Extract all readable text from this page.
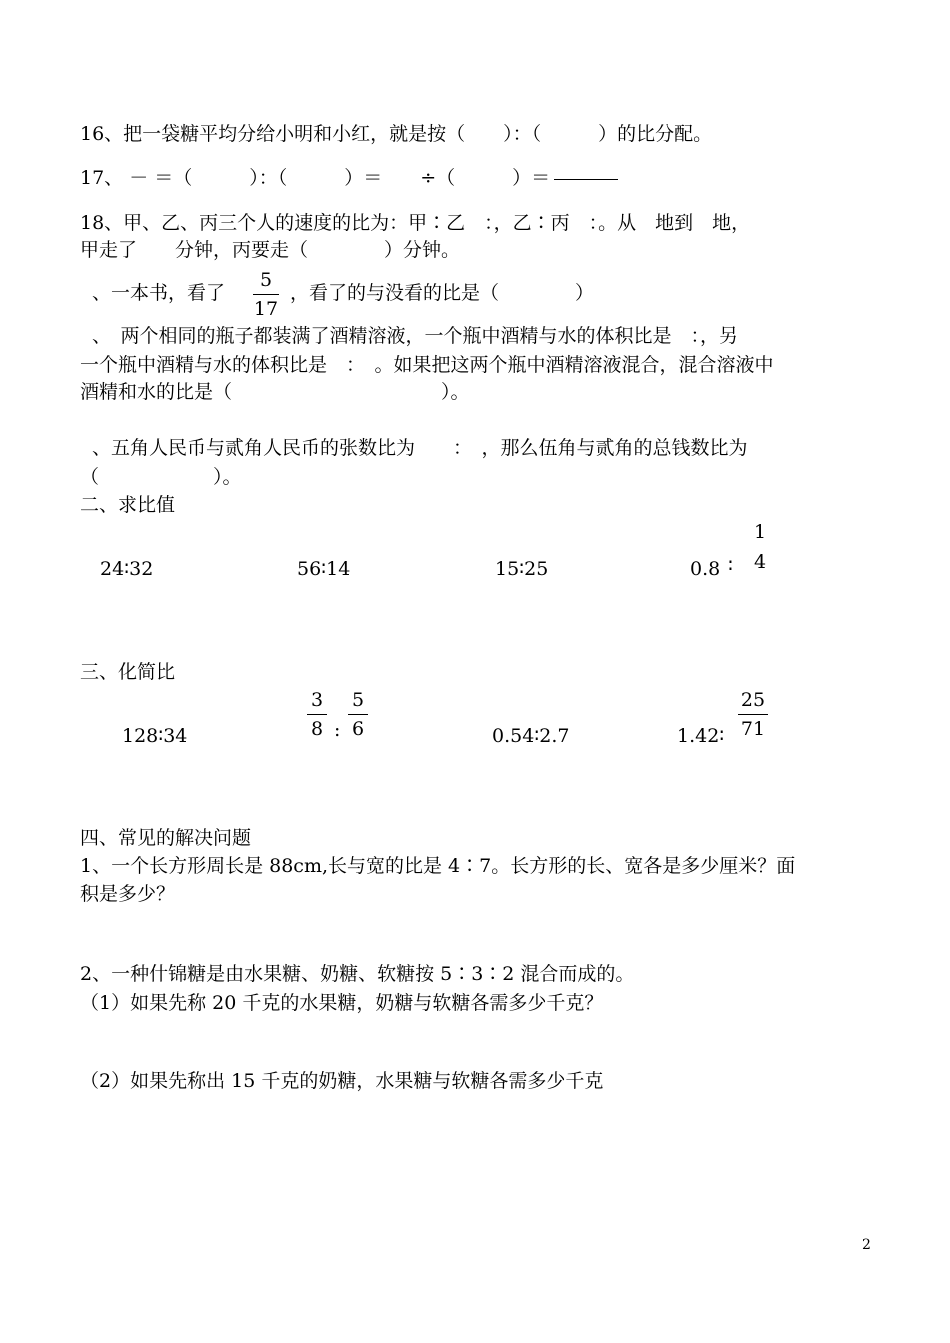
16、把一袋糖平均分给小明和小红，就是按（　　）：（　　　）的比分配。
17、 － ＝（　　　）：（　　　）＝　　÷（　　　）＝
18、甲、乙、丙三个人的速度的比为：甲∶乙　：，乙∶丙　：。从　地到　地，
甲走了　　分钟，丙要走（　　　　）分钟。
、一本书，看了
5
17
，看了的与没看的比是（　　　　）
、　两个相同的瓶子都装满了酒精溶液，一个瓶中酒精与水的体积比是　：，另
一个瓶中酒精与水的体积比是　：　。如果把这两个瓶中酒精溶液混合，混合溶液中
酒精和水的比是（　　　　　　　　　　　）。
、五角人民币与贰角人民币的张数比为　　：　，那么伍角与贰角的总钱数比为
（　　　　　　）。
二、求比值
24∶32	56∶14	15∶25	0.8 ∶
1
4
三、化简比
128∶34
3
8 :
5
6	0.54∶2.7	1.42∶
25
71
四、常见的解决问题
1、一个长方形周长是 88cm,长与宽的比是 4∶7。长方形的长、宽各是多少厘米？面
积是多少？
2、一种什锦糖是由水果糖、奶糖、软糖按 5∶3∶2 混合而成的。
（1）如果先称 20 千克的水果糖，奶糖与软糖各需多少千克？
（2）如果先称出 15 千克的奶糖，水果糖与软糖各需多少千克
2
